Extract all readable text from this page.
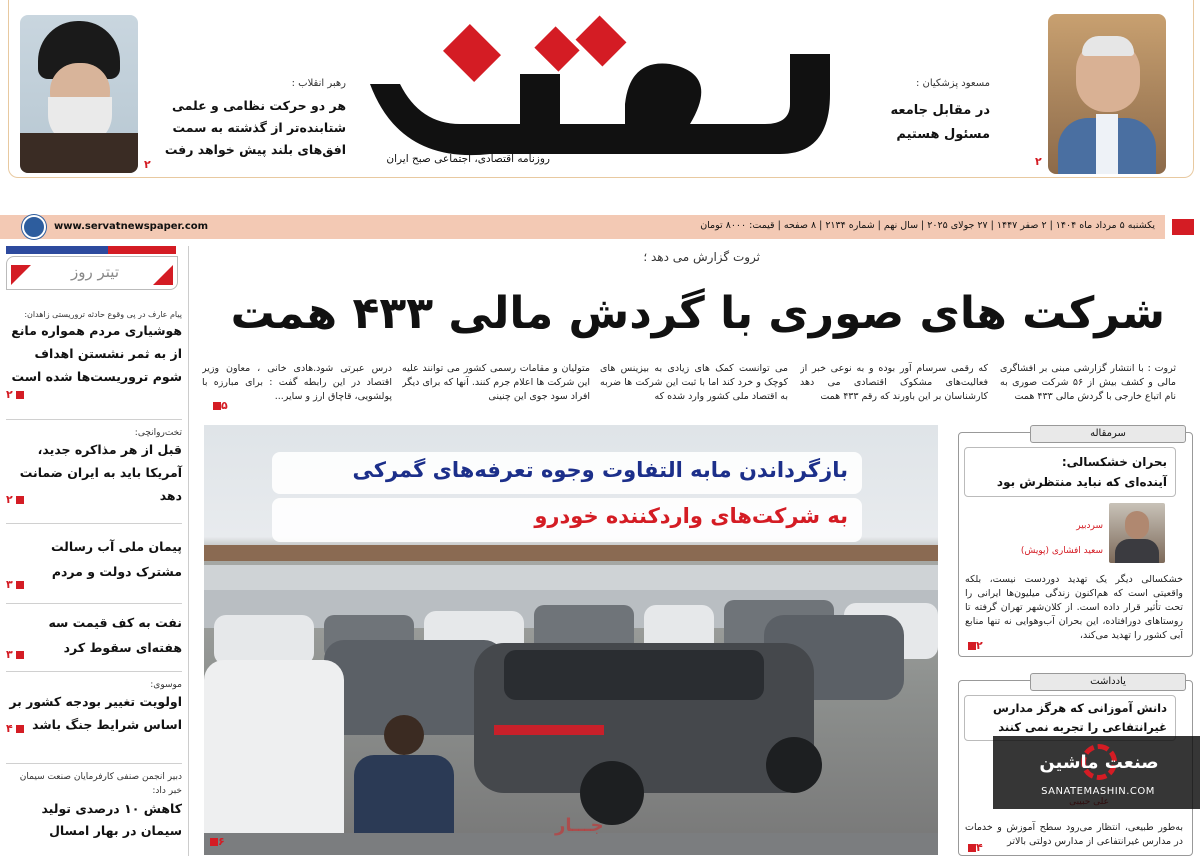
۲
رهبر انقلاب :
هر دو حرکت نظامی و علمی
شتابنده‌تر از گذشته به سمت
افق‌های بلند پیش خواهد رفت
روزنامه اقتصادی، اجتماعی صبح ایران
مسعود پزشکیان :
در مقابل جامعه
مسئول هستیم
۲
یکشنبه ۵ مرداد ماه ۱۴۰۴ | ۲ صفر ۱۴۴۷ | ۲۷ جولای ۲۰۲۵ | سال نهم | شماره ۲۱۳۴ | ۸ صفحه | قیمت: ۸۰۰۰ تومان
www.servatnewspaper.com
تیتر روز
پیام عارف در پی وقوع حادثه تروریستی زاهدان:
هوشیاری مردم همواره مانع از به ثمر نشستن اهداف شوم تروریست‌ها شده است
۲
تخت‌روانچی:
قبل از هر مذاکره جدید، آمریکا باید به ایران ضمانت دهد
۲
پیمان ملی آب رسالت مشترک دولت و مردم
۳
نفت به کف قیمت سه هفته‌ای سقوط کرد
۳
موسوی:
اولویت تغییر بودجه کشور بر اساس شرایط جنگ باشد
۴
دبیر انجمن صنفی کارفرمایان صنعت سیمان خبر داد:
کاهش ۱۰ درصدی تولید سیمان در بهار امسال
ثروت گزارش می دهد ؛
شرکت های صوری با گردش مالی ۴۳۳ همت
ثروت : با انتشار گزارشی مبنی بر افشاگری مالی و کشف بیش از ۵۶ شرکت صوری به نام اتباع خارجی با گردش مالی ۴۳۳ همت
که رقمی سرسام آور بوده و به نوعی خبر از فعالیت‌های مشکوک اقتصادی می دهد کارشناسان بر این باورند که رقم ۴۳۳ همت
می توانست کمک های زیادی به بیزینس های کوچک و خرد کند اما با ثبت این شرکت ها ضربه به اقتصاد ملی کشور وارد شده که
متولیان و مقامات رسمی کشور می توانند علیه این شرکت ها اعلام جرم کنند. آنها که برای دیگر افراد سود جوی این چنینی
درس عبرتی شود.هادی خانی ، معاون وزیر اقتصاد در این رابطه گفت : برای مبارزه با پولشویی، قاچاق ارز و سایر...
۵
بازگرداندن مابه التفاوت وجوه تعرفه‌های گمرکی
به شرکت‌های واردکننده خودرو
جـــار
۶
بحران خشکسالی:
آینده‌ای که نباید منتظرش بود
سردبیر
سعید افشاری (پویش)
خشکسالی دیگر یک تهدید دوردست نیست، بلکه واقعیتی است که هم‌اکنون زندگی میلیون‌ها ایرانی را تحت تأثیر قرار داده است. از کلان‌شهر تهران گرفته تا روستاهای دورافتاده، این بحران آب‌وهوایی نه تنها منابع آبی کشور را تهدید می‌کند،
۲
سرمقاله
دانش آموزانی که هرگز مدارس
غیرانتفاعی را تجربه نمی کنند
به‌طور طبیعی، انتظار می‌رود سطح آموزش و خدمات در مدارس غیرانتفاعی از مدارس دولتی بالاتر
۴
یادداشت
صنعت ماشین
SANATEMASHIN.COM
